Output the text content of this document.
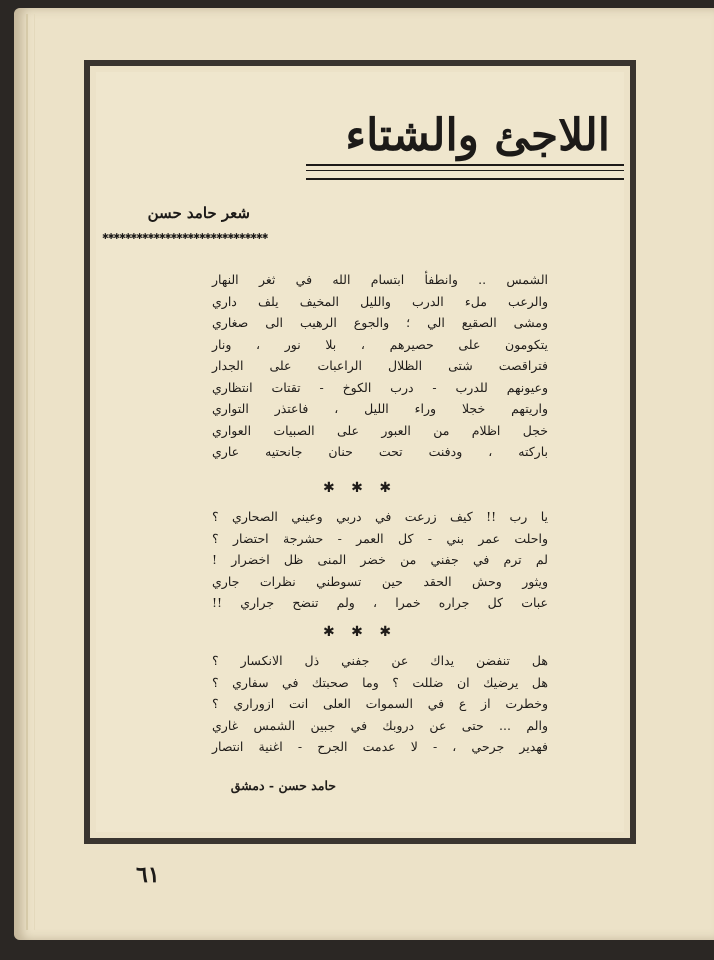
اللاجئ والشتاء
شعر حامد حسن
✱✱✱✱✱✱✱✱✱✱✱✱✱✱✱✱✱✱✱✱✱✱✱✱✱✱✱✱✱
الشمس .. وانطفأ ابتسام الله في ثغر النهار
والرعب ملء الدرب والليل المخيف يلف داري
ومشى الصقيع الي ؛ والجوع الرهيب الى صغاري
يتكومون على حصيرهم ، بلا نور ، ونار
فتراقصت شتى الظلال الراعبات على الجدار
وعيونهم للدرب - درب الكوخ - تقتات انتظاري
واريتهم خجلا وراء الليل ، فاعتذر التواري
خجل اظلام من العبور على الصبيات العواري
باركته ، ودفنت تحت حنان جانحتيه عاري
✱ ✱ ✱
يا رب !! كيف زرعت في دربي وعيني الصحاري ؟
واحلت عمر بني - كل العمر - حشرجة احتضار ؟
لم ترم في جفني من خضر المنى ظل اخضرار !
ويثور وحش الحقد حين تسوطني نظرات جاري
عبات كل جراره خمرا ، ولم تنضح جراري !!
✱ ✱ ✱
هل تنفضن يداك عن جفني ذل الانكسار ؟
هل يرضيك ان ضللت ؟ وما صحبتك في سفاري ؟
وخطرت از ع في السموات العلى انت ازوراري ؟
والم ... حتى عن دروبك في جبين الشمس غاري
فهدير جرحي ، - لا عدمت الجرح - اغنية انتصار
حامد حسن - دمشق
٦١
